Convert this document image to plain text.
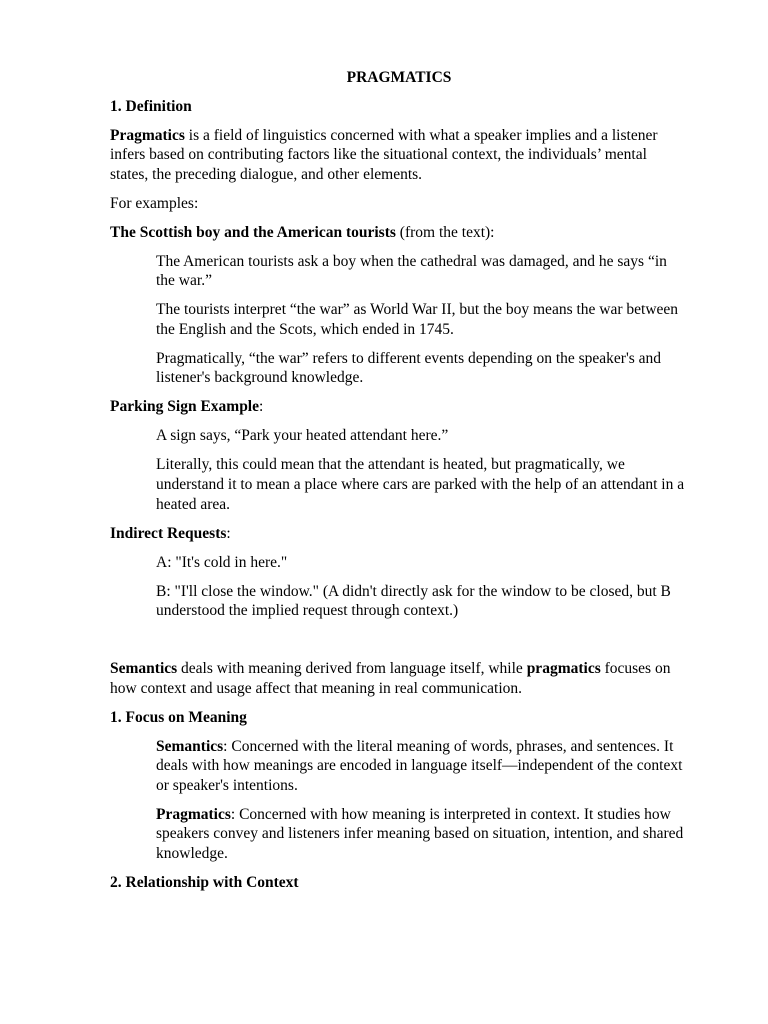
PRAGMATICS

1. Definition

Pragmatics is a field of linguistics concerned with what a speaker implies and a listener infers based on contributing factors like the situational context, the individuals’ mental states, the preceding dialogue, and other elements.

For examples:

The Scottish boy and the American tourists (from the text):

The American tourists ask a boy when the cathedral was damaged, and he says “in the war.”

The tourists interpret “the war” as World War II, but the boy means the war between the English and the Scots, which ended in 1745.

Pragmatically, “the war” refers to different events depending on the speaker's and listener's background knowledge.

Parking Sign Example:

A sign says, “Park your heated attendant here.”

Literally, this could mean that the attendant is heated, but pragmatically, we understand it to mean a place where cars are parked with the help of an attendant in a heated area.

Indirect Requests:

A: "It's cold in here."

B: "I'll close the window." (A didn't directly ask for the window to be closed, but B understood the implied request through context.)

Semantics deals with meaning derived from language itself, while pragmatics focuses on how context and usage affect that meaning in real communication.

1. Focus on Meaning

Semantics: Concerned with the literal meaning of words, phrases, and sentences. It deals with how meanings are encoded in language itself—independent of the context or speaker's intentions.

Pragmatics: Concerned with how meaning is interpreted in context. It studies how speakers convey and listeners infer meaning based on situation, intention, and shared knowledge.

2. Relationship with Context
